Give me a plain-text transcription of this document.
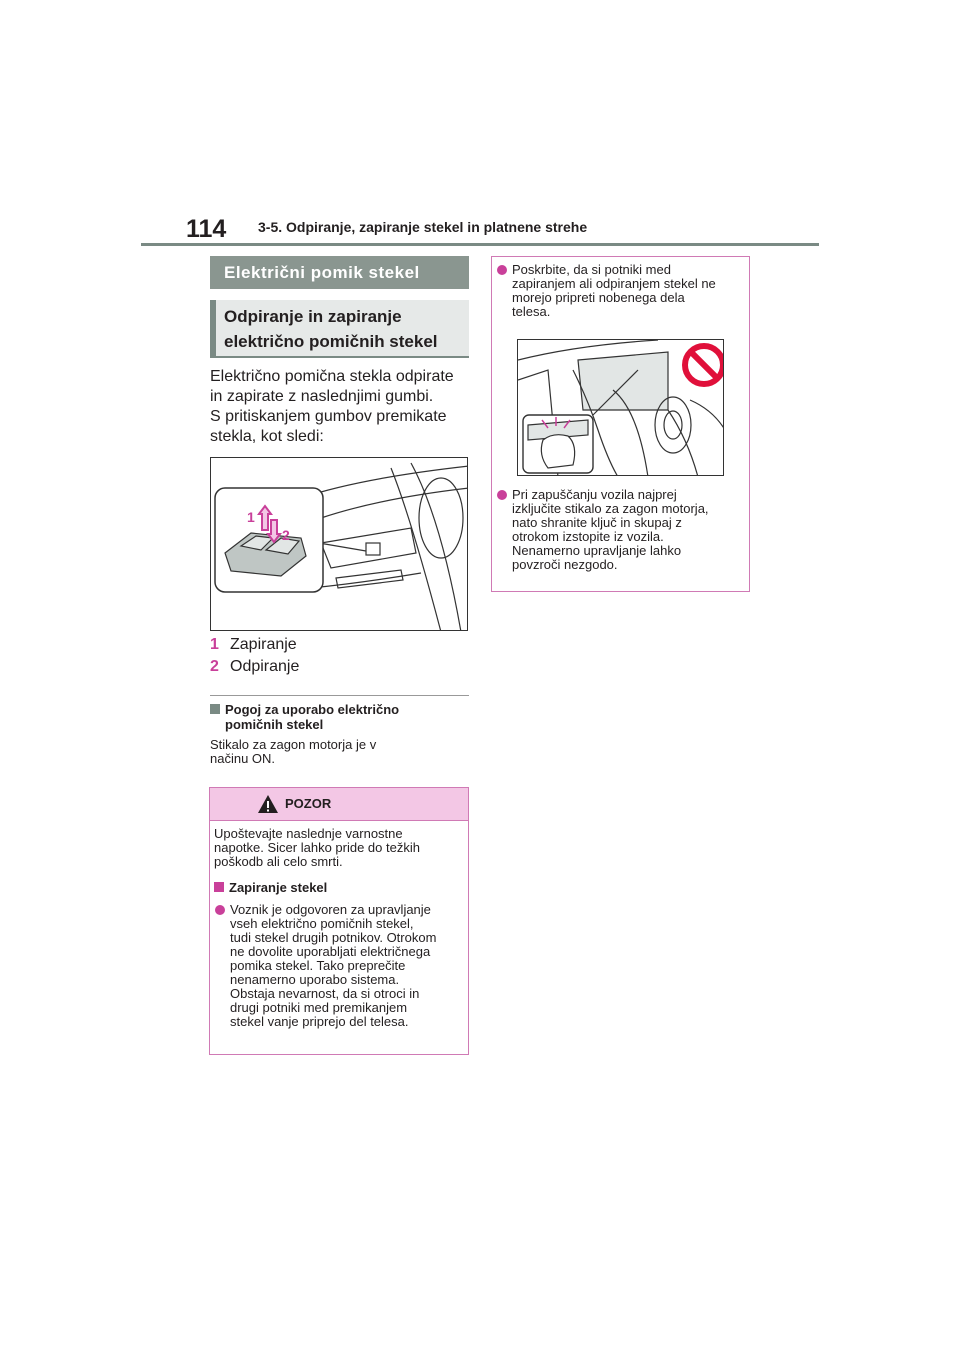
114 3-5. Odpiranje, zapiranje stekel in platnene strehe
Električni pomik stekel
Odpiranje in zapiranje
električno pomičnih stekel
Električno pomična stekla odpirate
in zapirate z naslednjimi gumbi.
S pritiskanjem gumbov premikate
stekla, kot sledi:
1
2
1 Zapiranje
2 Odpiranje
Pogoj za uporabo električno
pomičnih stekel
Stikalo za zagon motorja je v
načinu ON.
POZOR
Upoštevajte naslednje varnostne
napotke. Sicer lahko pride do težkih
poškodb ali celo smrti.
Zapiranje stekel
Voznik je odgovoren za upravljanje
vseh električno pomičnih stekel,
tudi stekel drugih potnikov. Otrokom
ne dovolite uporabljati električnega
pomika stekel. Tako preprečite
nenamerno uporabo sistema.
Obstaja nevarnost, da si otroci in
drugi potniki med premikanjem
stekel vanje priprejo del telesa.
Poskrbite, da si potniki med
zapiranjem ali odpiranjem stekel ne
morejo pripreti nobenega dela
telesa.
Pri zapuščanju vozila najprej
izključite stikalo za zagon motorja,
nato shranite ključ in skupaj z
otrokom izstopite iz vozila.
Nenamerno upravljanje lahko
povzroči nezgodo.
